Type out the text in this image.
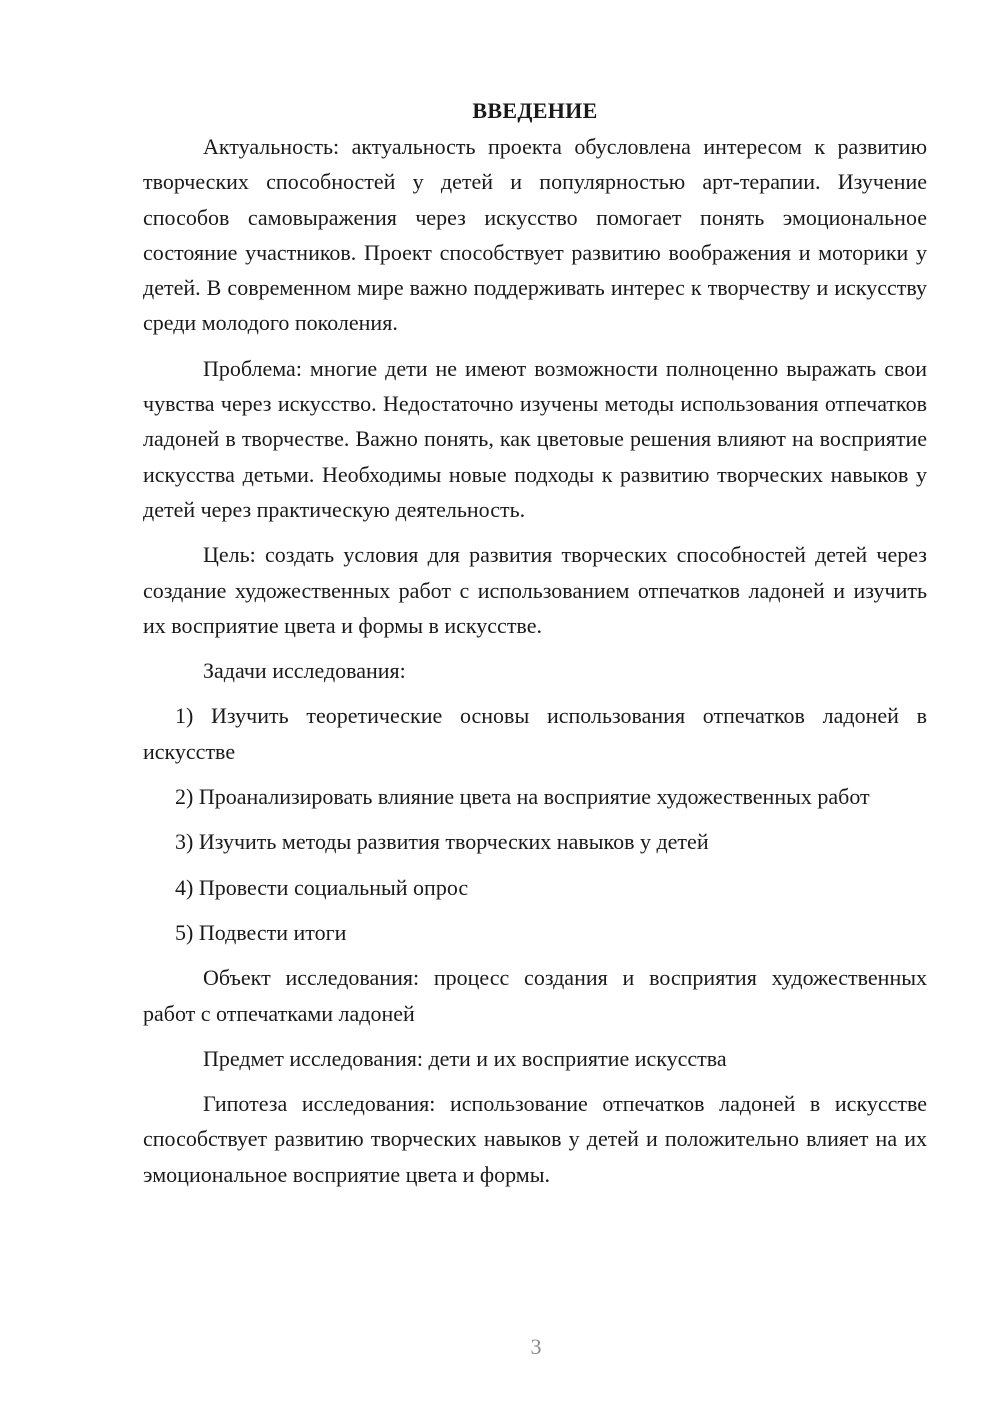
ВВЕДЕНИЕ

Актуальность: актуальность проекта обусловлена интересом к развитию творческих способностей у детей и популярностью арт-терапии. Изучение способов самовыражения через искусство помогает понять эмоциональное состояние участников. Проект способствует развитию воображения и моторики у детей. В современном мире важно поддерживать интерес к творчеству и искусству среди молодого поколения.

Проблема: многие дети не имеют возможности полноценно выражать свои чувства через искусство. Недостаточно изучены методы использования отпечатков ладоней в творчестве. Важно понять, как цветовые решения влияют на восприятие искусства детьми. Необходимы новые подходы к развитию творческих навыков у детей через практическую деятельность.

Цель: создать условия для развития творческих способностей детей через создание художественных работ с использованием отпечатков ладоней и изучить их восприятие цвета и формы в искусстве.

Задачи исследования:

1) Изучить теоретические основы использования отпечатков ладоней в искусстве

2) Проанализировать влияние цвета на восприятие художественных работ

3) Изучить методы развития творческих навыков у детей

4) Провести социальный опрос

5) Подвести итоги

Объект исследования: процесс создания и восприятия художественных работ с отпечатками ладоней

Предмет исследования: дети и их восприятие искусства

Гипотеза исследования: использование отпечатков ладоней в искусстве способствует развитию творческих навыков у детей и положительно влияет на их эмоциональное восприятие цвета и формы.

3
